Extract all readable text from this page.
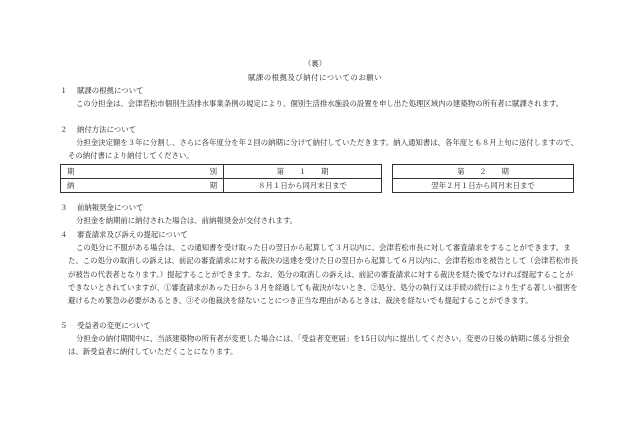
（裏）
賦課の根拠及び納付についてのお願い

１ 賦課の根拠について

この分担金は、会津若松市個別生活排水事業条例の規定により、個別生活排水施設の設置を申し出た処理区域内の建築物の所有者に賦課されます。

２ 納付方法について

分担金決定額を３年に分割し、さらに各年度分を年２回の納期に分けて納付していただきます。納入通知書は、各年度とも８月上旬に送付しますので、その納付書により納付してください。

期 別	第　　１　　期		第　　２　　期

納 期	８月１日から同月末日まで		翌年２月１日から同月末日まで

３ 前納報奨金について

分担金を納期前に納付された場合は、前納報奨金が交付されます。

４ 審査請求及び訴えの提起について

この処分に不服がある場合は、この通知書を受け取った日の翌日から起算して３月以内に、会津若松市長に対して審査請求をすることができます。また、この処分の取消しの訴えは、前記の審査請求に対する裁決の送達を受けた日の翌日から起算して６月以内に、会津若松市を被告として（会津若松市長が被告の代表者となります。）提起することができます。なお、処分の取消しの訴えは、前記の審査請求に対する裁決を経た後でなければ提起することができないとされていますが、①審査請求があった日から３月を経過しても裁決がないとき、②処分、処分の執行又は手続の続行により生ずる著しい損害を避けるため緊急の必要があるとき、③その他裁決を経ないことにつき正当な理由があるときは、裁決を経ないでも提起することができます。

５ 受益者の変更について

分担金の納付期間中に、当該建築物の所有者が変更した場合には、「受益者変更届」を15日以内に提出してください。変更の日後の納期に係る分担金は、新受益者に納付していただくことになります。
